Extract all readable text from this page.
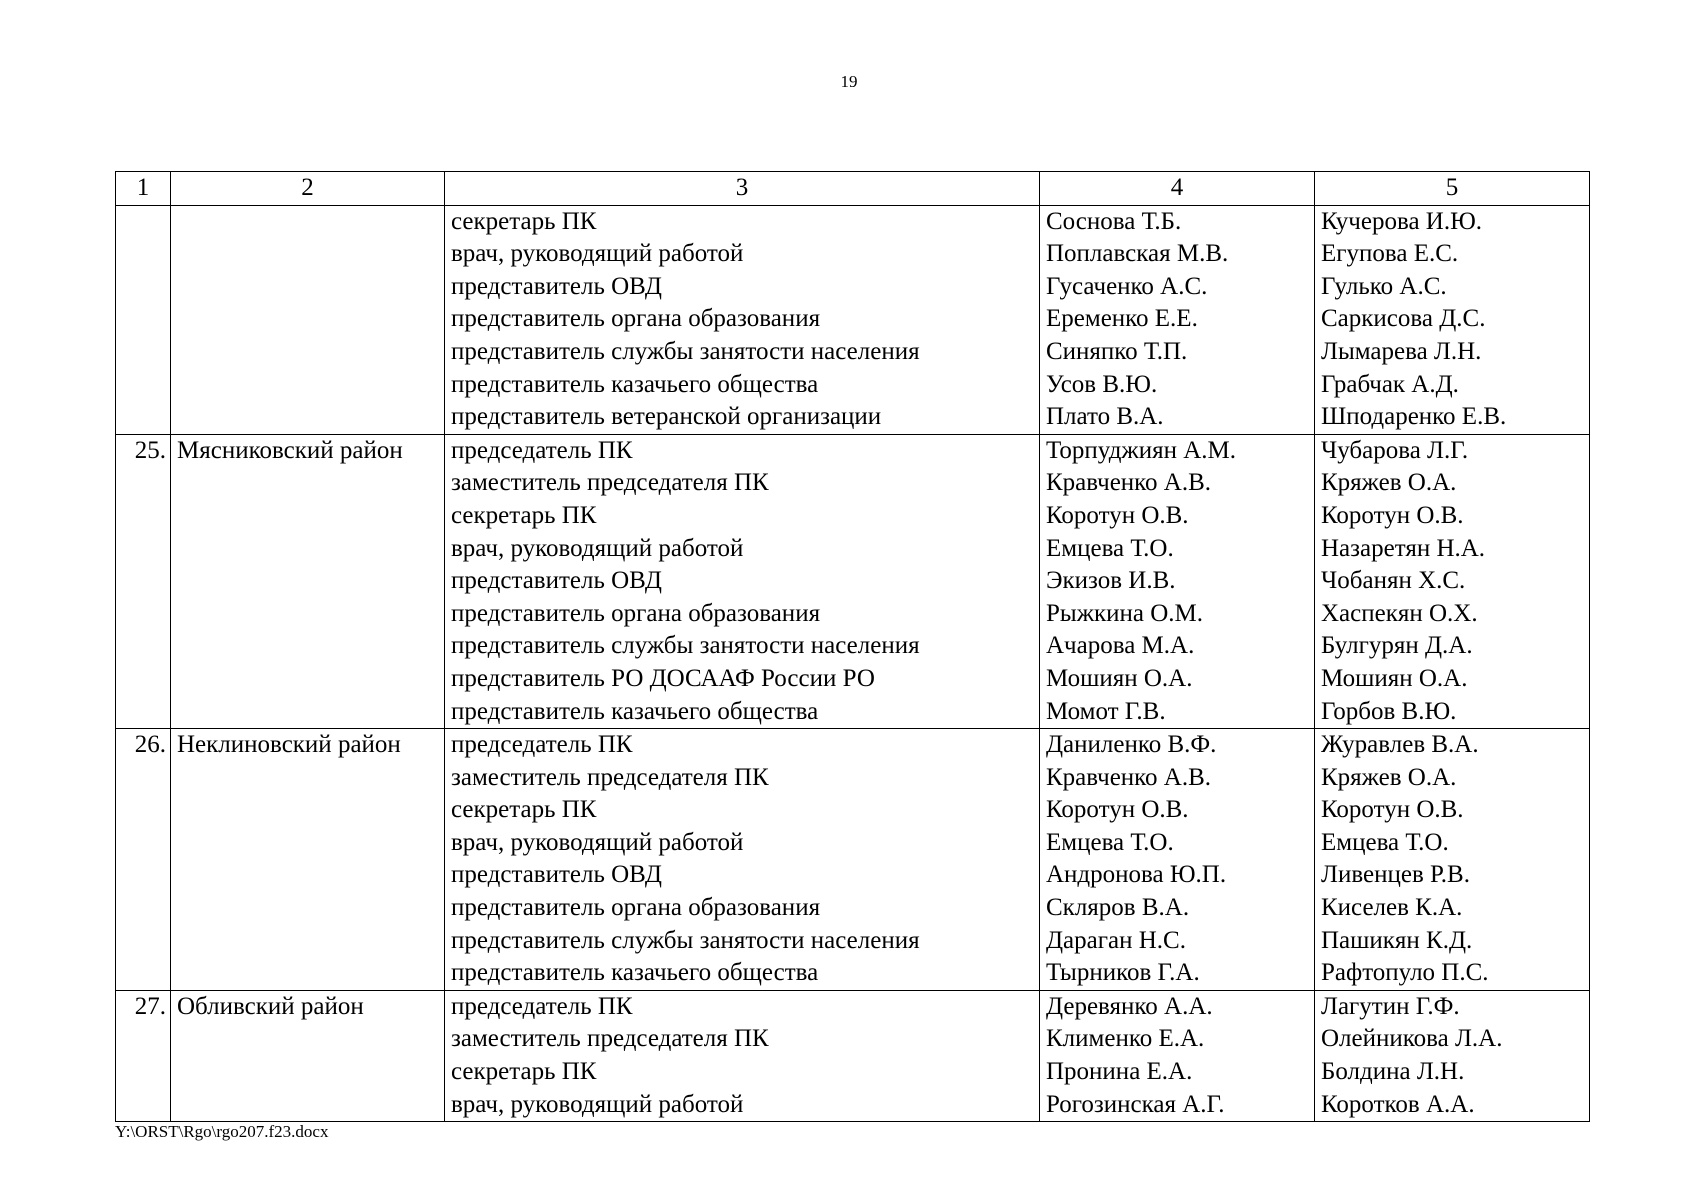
19
1	2	3	4	5
		секретарь ПК	Соснова Т.Б.	Кучерова И.Ю.
		врач, руководящий работой	Поплавская М.В.	Егупова Е.С.
		представитель ОВД	Гусаченко А.С.	Гулько А.С.
		представитель органа образования	Еременко Е.Е.	Саркисова Д.С.
		представитель службы занятости населения	Синяпко Т.П.	Лымарева Л.Н.
		представитель казачьего общества	Усов В.Ю.	Грабчак А.Д.
		представитель ветеранской организации	Плато В.А.	Шподаренко Е.В.
25.	Мясниковский район	председатель ПК	Торпуджиян А.М.	Чубарова Л.Г.
		заместитель председателя ПК	Кравченко А.В.	Кряжев О.А.
		секретарь ПК	Коротун О.В.	Коротун О.В.
		врач, руководящий работой	Емцева Т.О.	Назаретян Н.А.
		представитель ОВД	Экизов И.В.	Чобанян Х.С.
		представитель органа образования	Рыжкина О.М.	Хаспекян О.Х.
		представитель службы занятости населения	Ачарова М.А.	Булгурян Д.А.
		представитель РО ДОСААФ России РО	Мошиян О.А.	Мошиян О.А.
		представитель казачьего общества	Момот Г.В.	Горбов В.Ю.
26.	Неклиновский район	председатель ПК	Даниленко В.Ф.	Журавлев В.А.
		заместитель председателя ПК	Кравченко А.В.	Кряжев О.А.
		секретарь ПК	Коротун О.В.	Коротун О.В.
		врач, руководящий работой	Емцева Т.О.	Емцева Т.О.
		представитель ОВД	Андронова Ю.П.	Ливенцев Р.В.
		представитель органа образования	Скляров В.А.	Киселев К.А.
		представитель службы занятости населения	Дараган Н.С.	Пашикян К.Д.
		представитель казачьего общества	Тырников Г.А.	Рафтопуло П.С.
27.	Обливский район	председатель ПК	Деревянко А.А.	Лагутин Г.Ф.
		заместитель председателя ПК	Клименко Е.А.	Олейникова Л.А.
		секретарь ПК	Пронина Е.А.	Болдина Л.Н.
		врач, руководящий работой	Рогозинская А.Г.	Коротков А.А.
Y:\ORST\Rgo\rgo207.f23.docx
